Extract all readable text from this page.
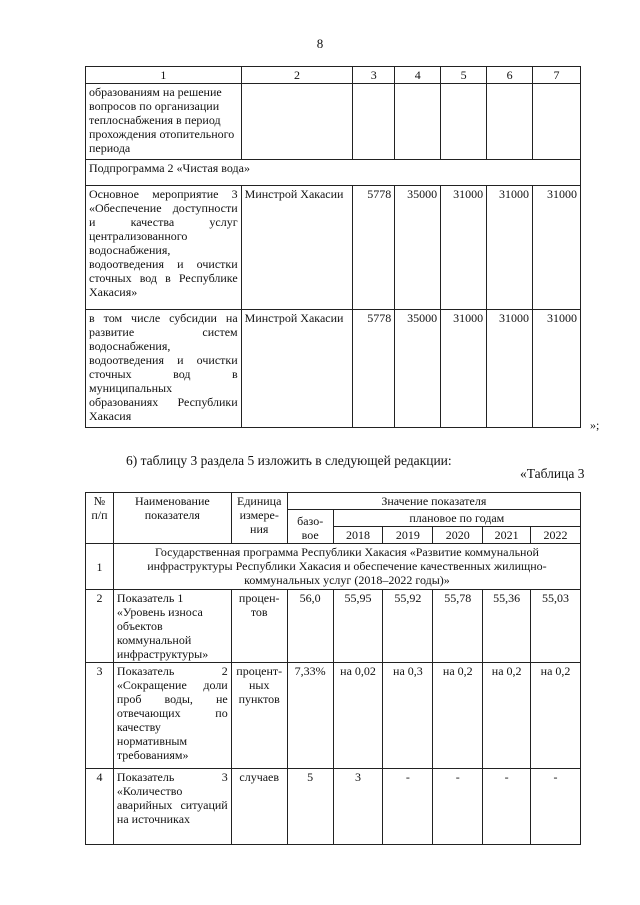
8
1	2	3	4	5	6	7
образованиям на решение вопросов по организации теплоснабжения в период прохождения отопительного периода						
Подпрограмма 2 «Чистая вода»						
Основное мероприятие 3 «Обеспечение доступности и качества услуг централизованного водоснабжения, водоотведения и очистки сточных вод в Республике Хакасия»	Минстрой Хакасии	5778	35000	31000	31000	31000
в том числе субсидии на развитие систем водоснабжения, водоотведения и очистки сточных вод в муниципальных образованиях Республики Хакасия	Минстрой Хакасии	5778	35000	31000	31000	31000
»;
6) таблицу 3 раздела 5 изложить в следующей редакции:
«Таблица 3
№ п/п	Наименование показателя	Единица измере-ния	Значение показателя					
			базо-вое	плановое по годам				
				2018	2019	2020	2021	2022
1	Государственная программа Республики Хакасия «Развитие коммунальной инфраструктуры Республики Хакасия и обеспечение качественных жилищно-коммунальных услуг (2018–2022 годы)»							
2	Показатель 1 «Уровень износа объектов коммунальной инфраструктуры»	процен-тов	56,0	55,95	55,92	55,78	55,36	55,03
3	Показатель 2 «Сокращение доли проб воды, не отвечающих по качеству нормативным требованиям»	процент-ных пунктов	7,33%	на 0,02	на 0,3	на 0,2	на 0,2	на 0,2
4	Показатель 3 «Количество аварийных ситуаций на источниках	случаев	5	3	-	-	-	-
